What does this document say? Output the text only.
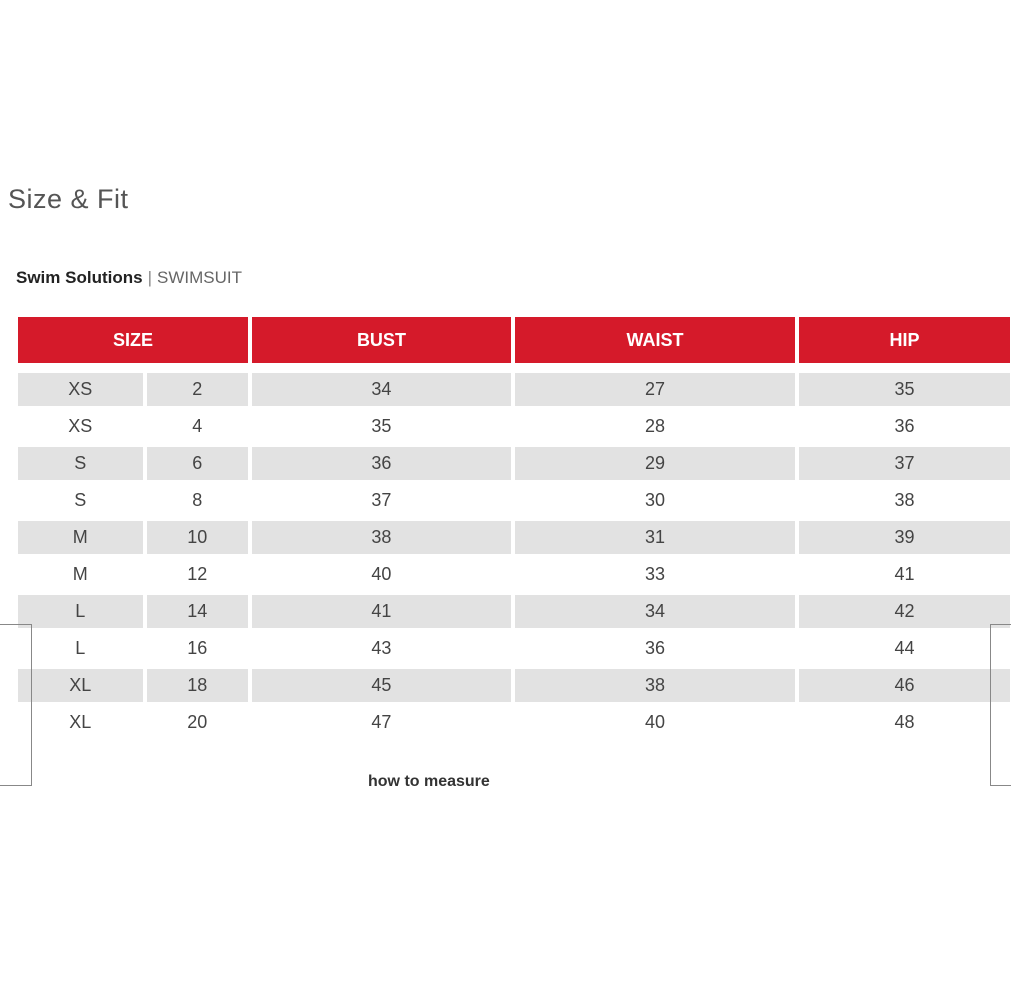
Size & Fit
Swim Solutions | SWIMSUIT
SIZE		BUST	WAIST	HIP

XS	2	34	27	35
XS	4	35	28	36
S	6	36	29	37
S	8	37	30	38
M	10	38	31	39
M	12	40	33	41
L	14	41	34	42
L	16	43	36	44
XL	18	45	38	46
XL	20	47	40	48
how to measure
